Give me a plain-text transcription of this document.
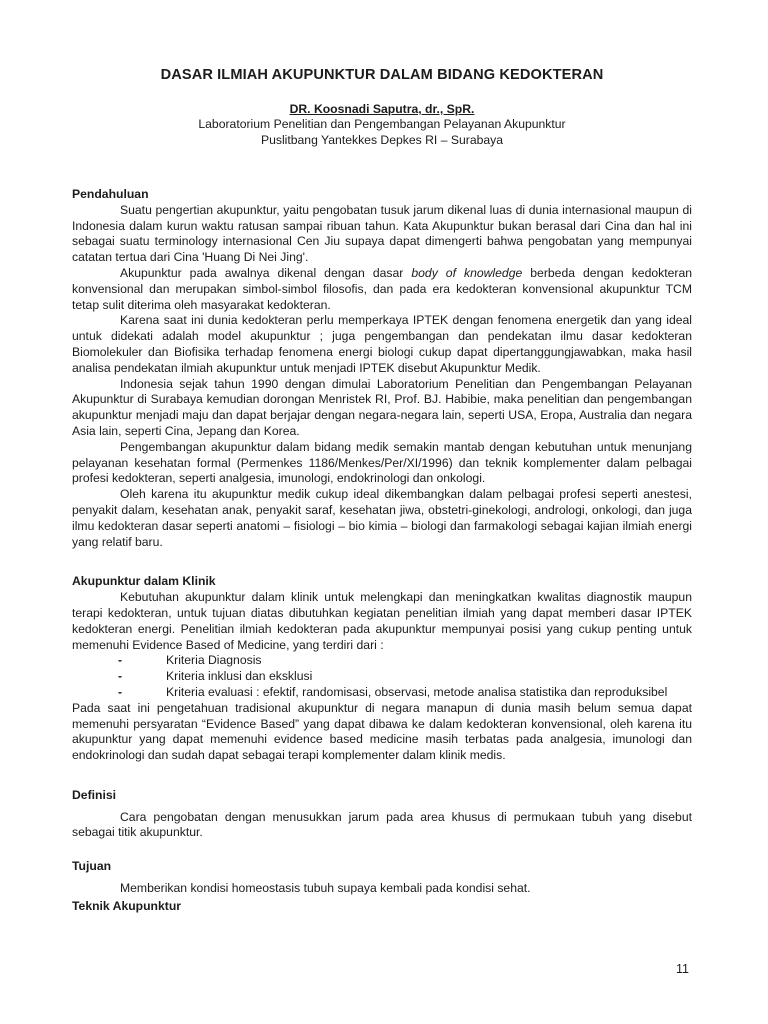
DASAR ILMIAH AKUPUNKTUR DALAM BIDANG KEDOKTERAN

DR. Koosnadi Saputra, dr., SpR.

Laboratorium Penelitian dan Pengembangan Pelayanan Akupunktur

Puslitbang Yantekkes Depkes RI – Surabaya

Pendahuluan

Suatu pengertian akupunktur, yaitu pengobatan tusuk jarum dikenal luas di dunia internasional maupun di Indonesia dalam kurun waktu ratusan sampai ribuan tahun. Kata Akupunktur bukan berasal dari Cina dan hal ini sebagai suatu terminology internasional Cen Jiu supaya dapat dimengerti bahwa pengobatan yang mempunyai catatan tertua dari Cina 'Huang Di Nei Jing'.

Akupunktur pada awalnya dikenal dengan dasar body of knowledge berbeda dengan kedokteran konvensional dan merupakan simbol-simbol filosofis, dan pada era kedokteran konvensional akupunktur TCM tetap sulit diterima oleh masyarakat kedokteran.

Karena saat ini dunia kedokteran perlu memperkaya IPTEK dengan fenomena energetik dan yang ideal untuk didekati adalah model akupunktur ; juga pengembangan dan pendekatan ilmu dasar kedokteran Biomolekuler dan Biofisika terhadap fenomena energi biologi cukup dapat dipertanggungjawabkan, maka hasil analisa pendekatan ilmiah akupunktur untuk menjadi IPTEK disebut Akupunktur Medik.

Indonesia sejak tahun 1990 dengan dimulai Laboratorium Penelitian dan Pengembangan Pelayanan Akupunktur di Surabaya kemudian dorongan Menristek RI, Prof. BJ. Habibie, maka penelitian dan pengembangan akupunktur menjadi maju dan dapat berjajar dengan negara-negara lain, seperti USA, Eropa, Australia dan negara Asia lain, seperti Cina, Jepang dan Korea.

Pengembangan akupunktur dalam bidang medik semakin mantab dengan kebutuhan untuk menunjang pelayanan kesehatan formal (Permenkes 1186/Menkes/Per/XI/1996) dan teknik komplementer dalam pelbagai profesi kedokteran, seperti analgesia, imunologi, endokrinologi dan onkologi.

Oleh karena itu akupunktur medik cukup ideal dikembangkan dalam pelbagai profesi seperti anestesi, penyakit dalam, kesehatan anak, penyakit saraf, kesehatan jiwa, obstetri-ginekologi, andrologi, onkologi, dan juga ilmu kedokteran dasar seperti anatomi – fisiologi – bio kimia – biologi dan farmakologi sebagai kajian ilmiah energi yang relatif baru.

Akupunktur dalam Klinik

Kebutuhan akupunktur dalam klinik untuk melengkapi dan meningkatkan kwalitas diagnostik maupun terapi kedokteran, untuk tujuan diatas dibutuhkan kegiatan penelitian ilmiah yang dapat memberi dasar IPTEK kedokteran energi. Penelitian ilmiah kedokteran pada akupunktur mempunyai posisi yang cukup penting untuk memenuhi Evidence Based of Medicine, yang terdiri dari :

-	Kriteria Diagnosis
-	Kriteria inklusi dan eksklusi
-	Kriteria evaluasi : efektif, randomisasi, observasi, metode analisa statistika dan reproduksibel

Pada saat ini pengetahuan tradisional akupunktur di negara manapun di dunia masih belum semua dapat memenuhi persyaratan “Evidence Based” yang dapat dibawa ke dalam kedokteran konvensional, oleh karena itu akupunktur yang dapat memenuhi evidence based medicine masih terbatas pada analgesia, imunologi dan endokrinologi dan sudah dapat sebagai terapi komplementer dalam klinik medis.

Definisi

Cara pengobatan dengan menusukkan jarum pada area khusus di permukaan tubuh yang disebut sebagai titik akupunktur.

Tujuan

Memberikan kondisi homeostasis tubuh supaya kembali pada kondisi sehat.

Teknik Akupunktur

11
